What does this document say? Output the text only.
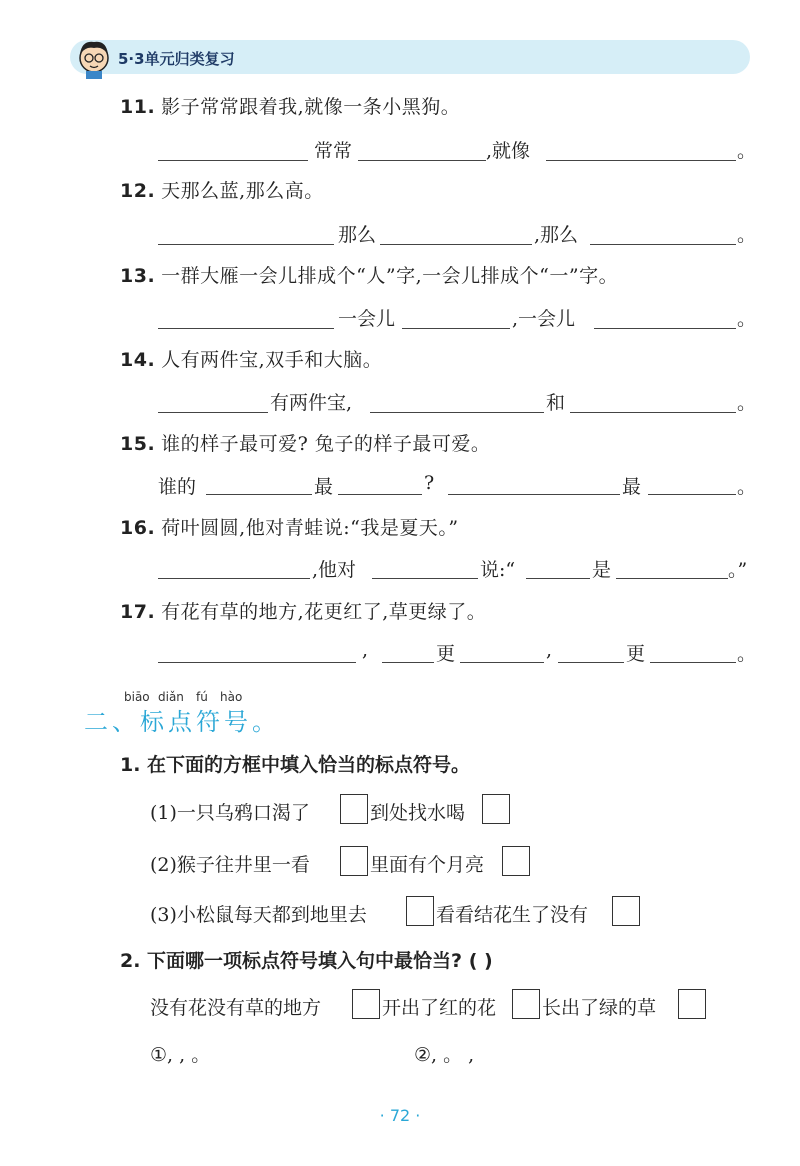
5·3单元归类复习
11. 影子常常跟着我,就像一条小黑狗。
常常	,就像	。
12. 天那么蓝,那么高。
那么	,那么	。
13. 一群大雁一会儿排成个“人”字,一会儿排成个“一”字。
一会儿	,一会儿	。
14. 人有两件宝,双手和大脑。
有两件宝,	和	。
15. 谁的样子最可爱? 兔子的样子最可爱。
谁的	最	?	最	。
16. 荷叶圆圆,他对青蛙说:“我是夏天。”
,他对	说:“	是	。”
17. 有花有草的地方,花更红了,草更绿了。
,	更	,	更	。
biāo diǎn fú hào
二、标点符号。
1. 在下面的方框中填入恰当的标点符号。
(1)一只乌鸦口渴了	到处找水喝
(2)猴子往井里一看	里面有个月亮
(3)小松鼠每天都到地里去	看看结花生了没有
2. 下面哪一项标点符号填入句中最恰当? ( )
没有花没有草的地方	开出了红的花 长出了绿的草
①, , 。	②, 。 ,
· 72 ·
